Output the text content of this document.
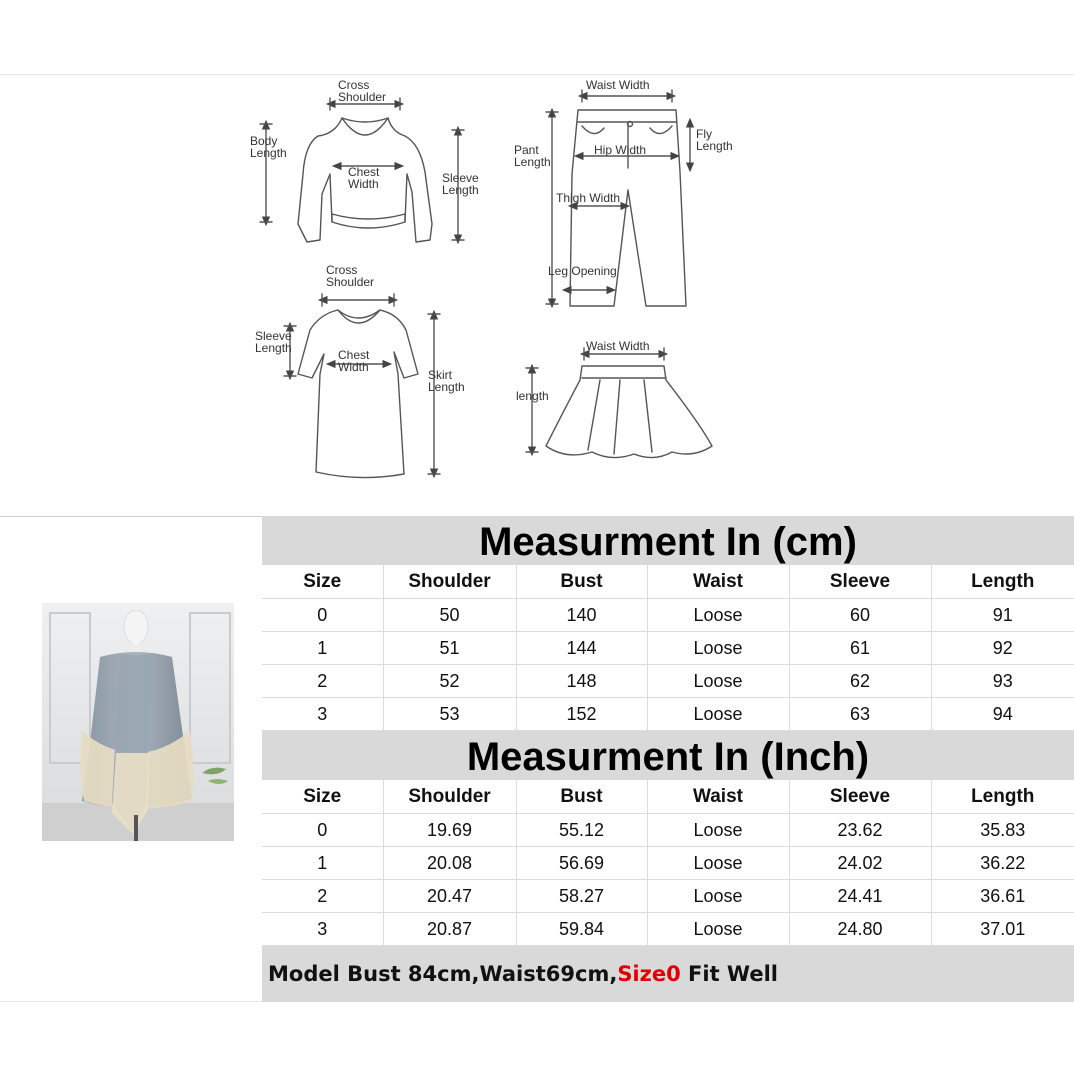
Cross
Shoulder
Body
Length
Chest
Width	Sleeve
Length
Waist Width
Pant
Length
Hip Width
Fly
Length
Thigh Width
Leg Opening
Cross
Shoulder
Sleeve
Length	Chest
Width
Skirt
Length
Waist Width
length
Measurment In (cm)
Size	Shoulder	Bust	Waist	Sleeve	Length
0	50	140	Loose	60	91
1	51	144	Loose	61	92
2	52	148	Loose	62	93
3	53	152	Loose	63	94
Measurment In (Inch)
Size	Shoulder	Bust	Waist	Sleeve	Length
0	19.69	55.12	Loose	23.62	35.83
1	20.08	56.69	Loose	24.02	36.22
2	20.47	58.27	Loose	24.41	36.61
3	20.87	59.84	Loose	24.80	37.01
Model Bust 84cm,Waist69cm,Size0 Fit Well
